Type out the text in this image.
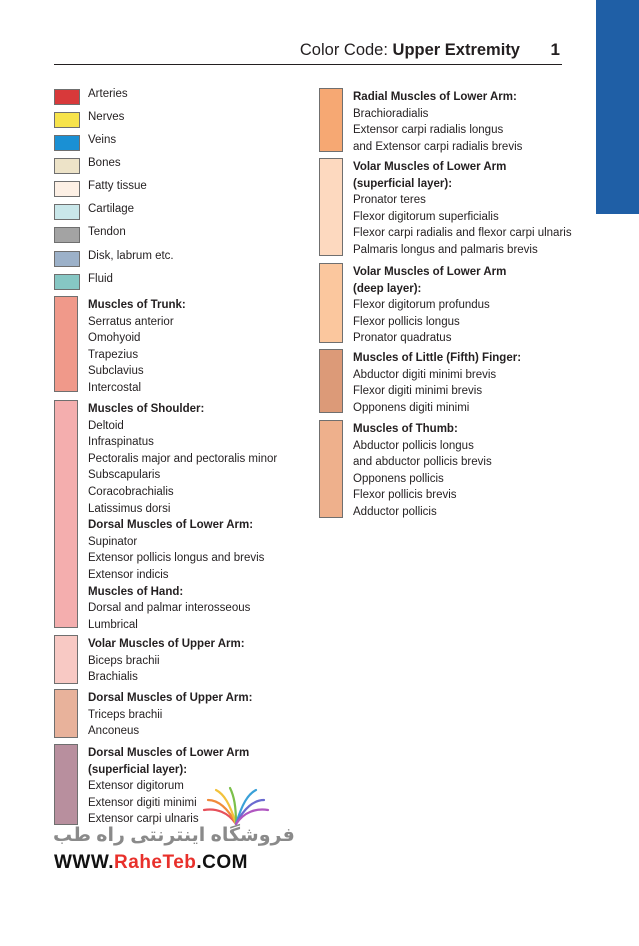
Color Code: Upper Extremity 1
Arteries
Nerves
Veins
Bones
Fatty tissue
Cartilage
Tendon
Disk, labrum etc.
Fluid
Muscles of Trunk:
Serratus anterior
Omohyoid
Trapezius
Subclavius
Intercostal
Muscles of Shoulder:
Deltoid
Infraspinatus
Pectoralis major and pectoralis minor
Subscapularis
Coracobrachialis
Latissimus dorsi
Dorsal Muscles of Lower Arm:
Supinator
Extensor pollicis longus and brevis
Extensor indicis
Muscles of Hand:
Dorsal and palmar interosseous
Lumbrical
Volar Muscles of Upper Arm:
Biceps brachii
Brachialis
Dorsal Muscles of Upper Arm:
Triceps brachii
Anconeus
Dorsal Muscles of Lower Arm
(superficial layer):
Extensor digitorum
Extensor digiti minimi
Extensor carpi ulnaris
Radial Muscles of Lower Arm:
Brachioradialis
Extensor carpi radialis longus
and Extensor carpi radialis brevis
Volar Muscles of Lower Arm
(superficial layer):
Pronator teres
Flexor digitorum superficialis
Flexor carpi radialis and flexor carpi ulnaris
Palmaris longus and palmaris brevis
Volar Muscles of Lower Arm
(deep layer):
Flexor digitorum profundus
Flexor pollicis longus
Pronator quadratus
Muscles of Little (Fifth) Finger:
Abductor digiti minimi brevis
Flexor digiti minimi brevis
Opponens digiti minimi
Muscles of Thumb:
Abductor pollicis longus
and abductor pollicis brevis
Opponens pollicis
Flexor pollicis brevis
Adductor pollicis
فروشگاه اینترنتی راه طب
WWW.RaheTeb.COM
